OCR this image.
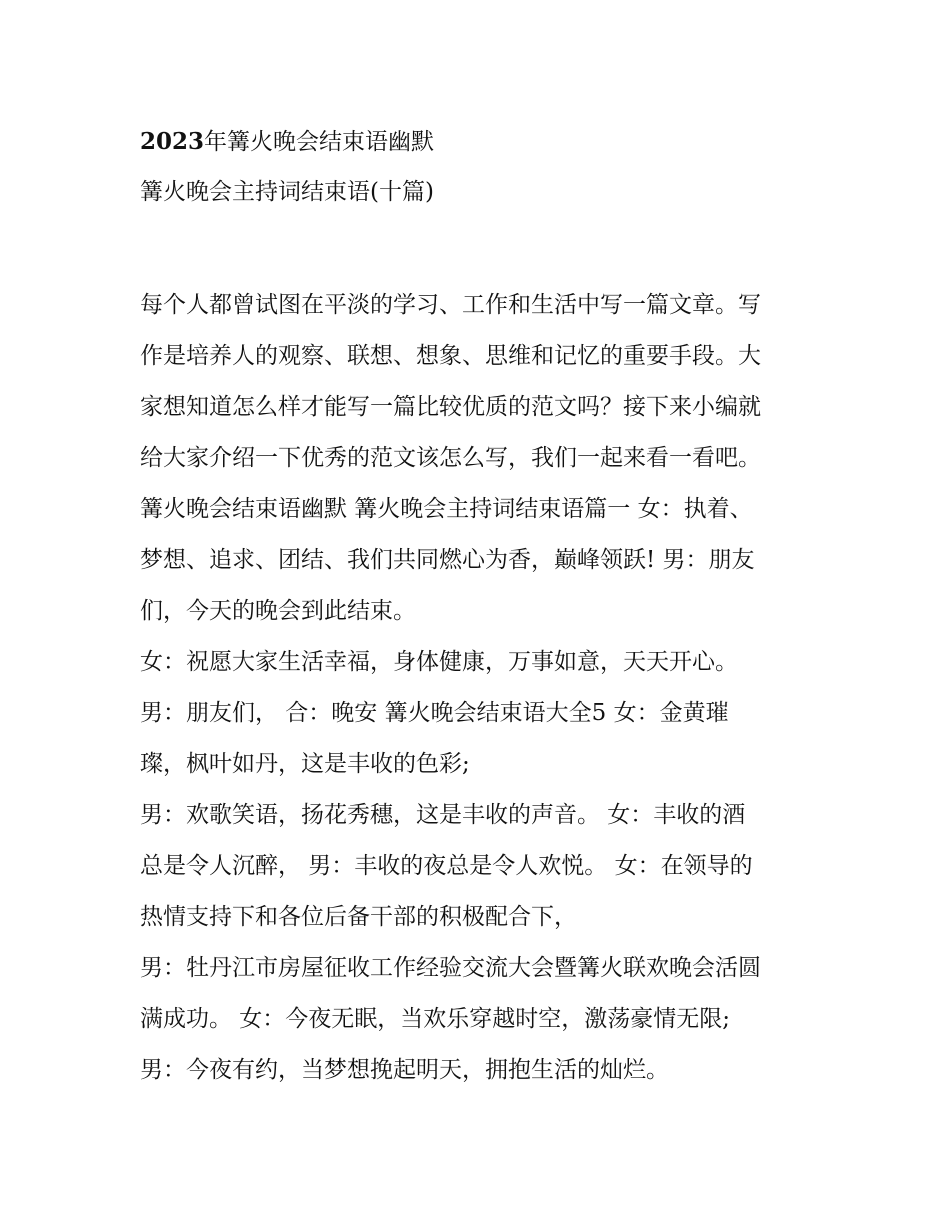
2023年篝火晚会结束语幽默
篝火晚会主持词结束语(十篇)
每个人都曾试图在平淡的学习、工作和生活中写一篇文章。写
作是培养人的观察、联想、想象、思维和记忆的重要手段。大
家想知道怎么样才能写一篇比较优质的范文吗？接下来小编就
给大家介绍一下优秀的范文该怎么写，我们一起来看一看吧。
篝火晚会结束语幽默 篝火晚会主持词结束语篇一 女：执着、
梦想、追求、团结、我们共同燃心为香，巅峰领跃! 男：朋友
们，今天的晚会到此结束。
女：祝愿大家生活幸福，身体健康，万事如意，天天开心。
男：朋友们， 合：晚安 篝火晚会结束语大全5 女：金黄璀
璨，枫叶如丹，这是丰收的色彩;
男：欢歌笑语，扬花秀穗，这是丰收的声音。 女：丰收的酒
总是令人沉醉， 男：丰收的夜总是令人欢悦。 女：在领导的
热情支持下和各位后备干部的积极配合下，
男：牡丹江市房屋征收工作经验交流大会暨篝火联欢晚会活圆
满成功。 女：今夜无眠，当欢乐穿越时空，激荡豪情无限;
男：今夜有约，当梦想挽起明天，拥抱生活的灿烂。
